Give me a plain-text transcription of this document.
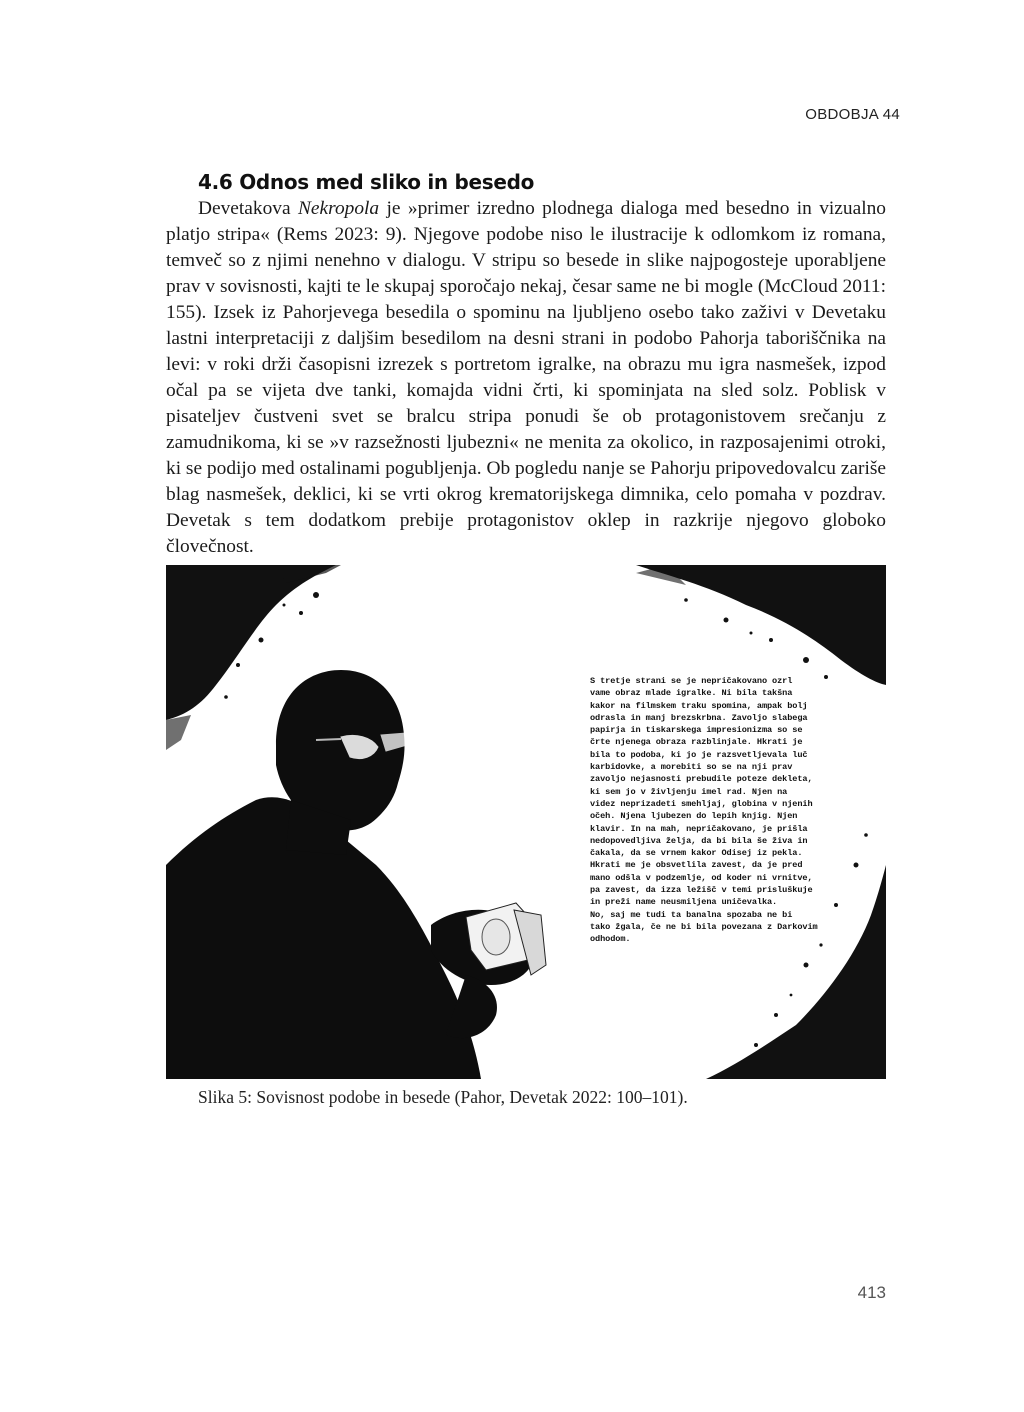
OBDOBJA 44
4.6 Odnos med sliko in besedo
Devetakova Nekropola je »primer izredno plodnega dialoga med besedno in vizualno platjo stripa« (Rems 2023: 9). Njegove podobe niso le ilustracije k odlomkom iz romana, temveč so z njimi nenehno v dialogu. V stripu so besede in slike najpogosteje uporabljene prav v sovisnosti, kajti te le skupaj sporočajo nekaj, česar same ne bi mogle (McCloud 2011: 155). Izsek iz Pahorjevega besedila o spominu na ljubljeno osebo tako zaživi v Devetaku lastni interpretaciji z daljšim besedilom na desni strani in podobo Pahorja taboriščnika na levi: v roki drži časopisni izrezek s portretom igralke, na obrazu mu igra nasmešek, izpod očal pa se vijeta dve tanki, komajda vidni črti, ki spominjata na sled solz. Poblisk v pisateljev čustveni svet se bralcu stripa ponudi še ob protagonistovem srečanju z zamudnikoma, ki se »v razsežnosti ljubezni« ne menita za okolico, in razposajenimi otroki, ki se podijo med ostalinami pogubljenja. Ob pogledu nanje se Pahorju pripovedovalcu zariše blag nasmešek, deklici, ki se vrti okrog krematorijskega dimnika, celo pomaha v pozdrav. Devetak s tem dodatkom prebije protagonistov oklep in razkrije njegovo globoko človečnost.
S tretje strani se je nepričakovano ozrl
vame obraz mlade igralke. Ni bila takšna
kakor na filmskem traku spomina, ampak bolj
odrasla in manj brezskrbna. Zavoljo slabega
papirja in tiskarskega impresionizma so se
črte njenega obraza razblinjale. Hkrati je
bila to podoba, ki jo je razsvetljevala luč
karbidovke, a morebiti so se na nji prav
zavoljo nejasnosti prebudile poteze dekleta,
ki sem jo v življenju imel rad. Njen na
videz neprizadeti smehljaj, globina v njenih
očeh. Njena ljubezen do lepih knjig. Njen
klavir. In na mah, nepričakovano, je prišla
nedopovedljiva želja, da bi bila še živa in
čakala, da se vrnem kakor Odisej iz pekla.
Hkrati me je obsvetlila zavest, da je pred
mano odšla v podzemlje, od koder ni vrnitve,
pa zavest, da izza ležišč v temi prisluškuje
in preži name neusmiljena uničevalka.
No, saj me tudi ta banalna spozaba ne bi
tako žgala, če ne bi bila povezana z Darkovim
odhodom.
Slika 5: Sovisnost podobe in besede (Pahor, Devetak 2022: 100–101).
413
